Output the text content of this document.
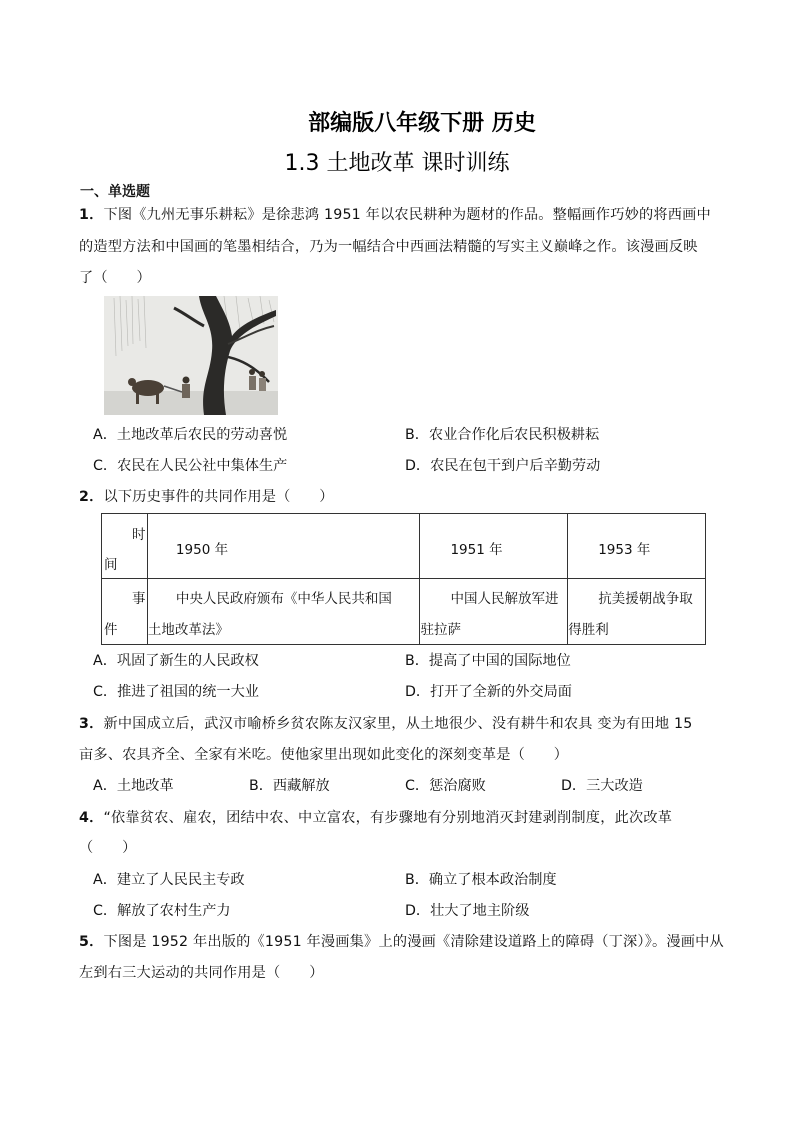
部编版八年级下册 历史
1.3 土地改革 课时训练
一、单选题
1．下图《九州无事乐耕耘》是徐悲鸿 1951 年以农民耕种为题材的作品。整幅画作巧妙的将西画中
的造型方法和中国画的笔墨相结合，乃为一幅结合中西画法精髓的写实主义巅峰之作。该漫画反映
了（　　）
A．土地改革后农民的劳动喜悦	B．农业合作化后农民积极耕耘
C．农民在人民公社中集体生产	D．农民在包干到户后辛勤劳动
2．以下历史事件的共同作用是（　　）
时
间	1950 年	1951 年	1953 年

事
件	中央人民政府颁布《中华人民共和国
土地改革法》	中国人民解放军进
驻拉萨	抗美援朝战争取
得胜利
A．巩固了新生的人民政权	B．提高了中国的国际地位
C．推进了祖国的统一大业	D．打开了全新的外交局面
3．新中国成立后，武汉市喻桥乡贫农陈友汉家里，从土地很少、没有耕牛和农具 变为有田地 15
亩多、农具齐全、全家有米吃。使他家里出现如此变化的深刻变革是（　　）
A．土地改革	B．西藏解放	C．惩治腐败	D．三大改造
4．“依靠贫农、雇农，团结中农、中立富农，有步骤地有分别地消灭封建剥削制度，此次改革
（　　）
A．建立了人民民主专政	B．确立了根本政治制度
C．解放了农村生产力	D．壮大了地主阶级
5．下图是 1952 年出版的《1951 年漫画集》上的漫画《清除建设道路上的障碍（丁深）》。漫画中从
左到右三大运动的共同作用是（　　）
